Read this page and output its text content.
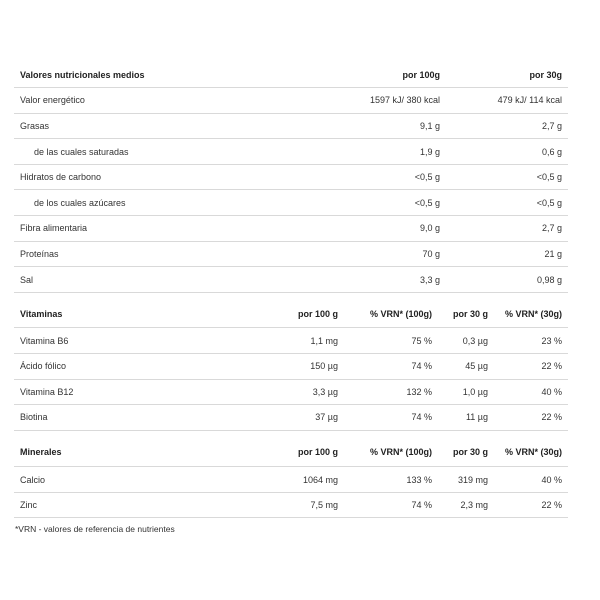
Valores nutricionales medios	por 100g	por 30g
Valor energético	1597 kJ/ 380 kcal	479 kJ/ 114 kcal
Grasas	9,1 g	2,7 g
de las cuales saturadas	1,9 g	0,6 g
Hidratos de carbono	<0,5 g	<0,5 g
de los cuales azúcares	<0,5 g	<0,5 g
Fibra alimentaria	9,0 g	2,7 g
Proteínas	70 g	21 g
Sal	3,3 g	0,98 g
Vitaminas	por 100 g	% VRN* (100g)	por 30 g	% VRN* (30g)
Vitamina B6	1,1 mg	75 %	0,3 µg	23 %
Ácido fólico	150 µg	74 %	45 µg	22 %
Vitamina B12	3,3 µg	132 %	1,0 µg	40 %
Biotina	37 µg	74 %	11 µg	22 %
Minerales	por 100 g	% VRN* (100g)	por 30 g	% VRN* (30g)
Calcio	1064 mg	133 %	319 mg	40 %
Zinc	7,5 mg	74 %	2,3 mg	22 %
*VRN - valores de referencia de nutrientes
